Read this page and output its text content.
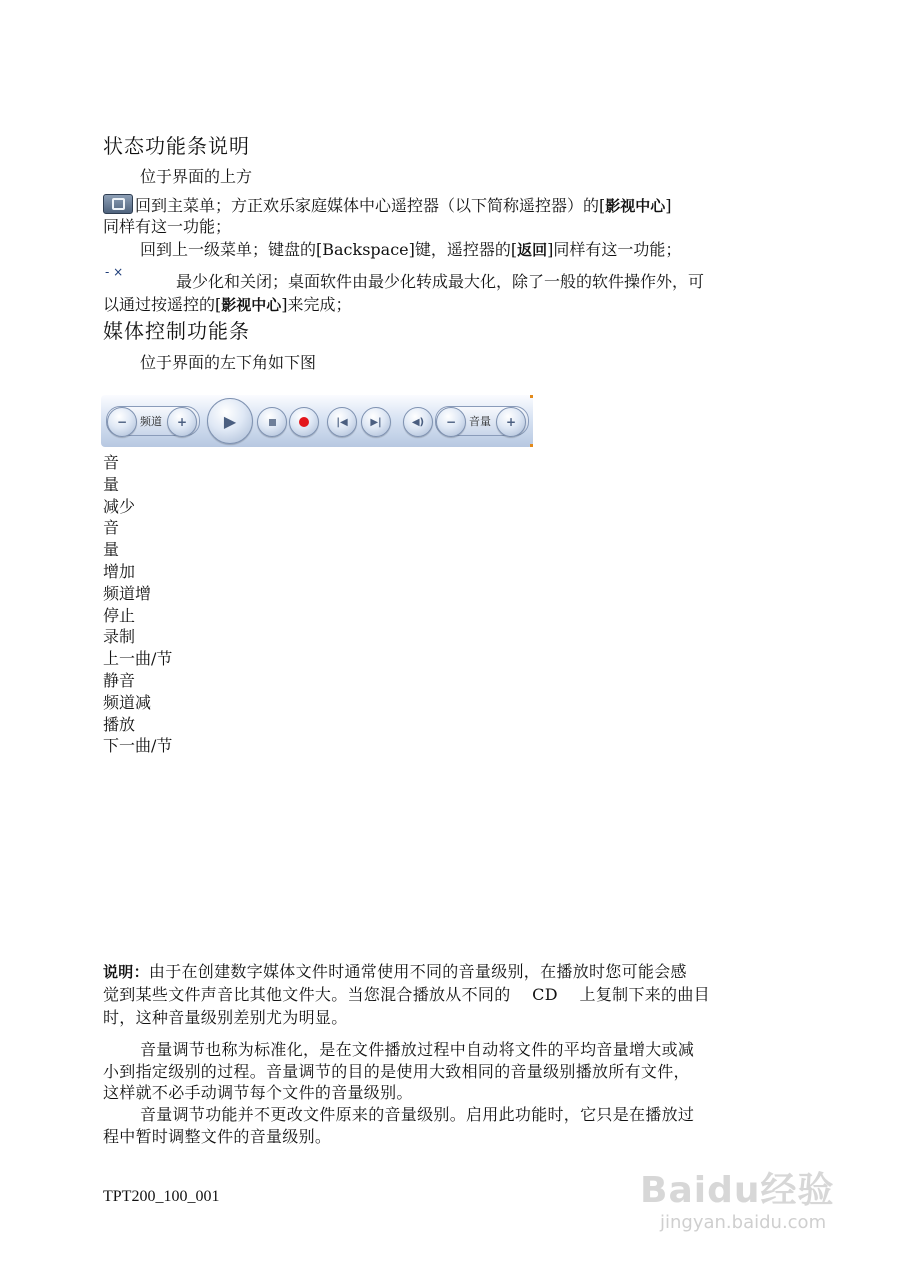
状态功能条说明
位于界面的上方
回到主菜单；方正欢乐家庭媒体中心遥控器（以下简称遥控器）的[影视中心]
同样有这一功能；
回到上一级菜单；键盘的[Backspace]键，遥控器的[返回]同样有这一功能；
- ×	最少化和关闭；桌面软件由最少化转成最大化，除了一般的软件操作外，可
以通过按遥控的[影视中心]来完成；
媒体控制功能条
位于界面的左下角如下图
频道
−	+	▶	|◀	▶|	◀)	音量
−	+
音
量
减少
音
量
增加
频道增
停止
录制
上一曲/节
静音
频道减
播放
下一曲/节
说明：由于在创建数字媒体文件时通常使用不同的音量级别，在播放时您可能会感
觉到某些文件声音比其他文件大。当您混合播放从不同的　 CD　 上复制下来的曲目
时，这种音量级别差别尤为明显。
音量调节也称为标准化，是在文件播放过程中自动将文件的平均音量增大或减
小到指定级别的过程。音量调节的目的是使用大致相同的音量级别播放所有文件，
这样就不必手动调节每个文件的音量级别。
音量调节功能并不更改文件原来的音量级别。启用此功能时，它只是在播放过
程中暂时调整文件的音量级别。
TPT200_100_001	Baidu经验
jingyan.baidu.com
